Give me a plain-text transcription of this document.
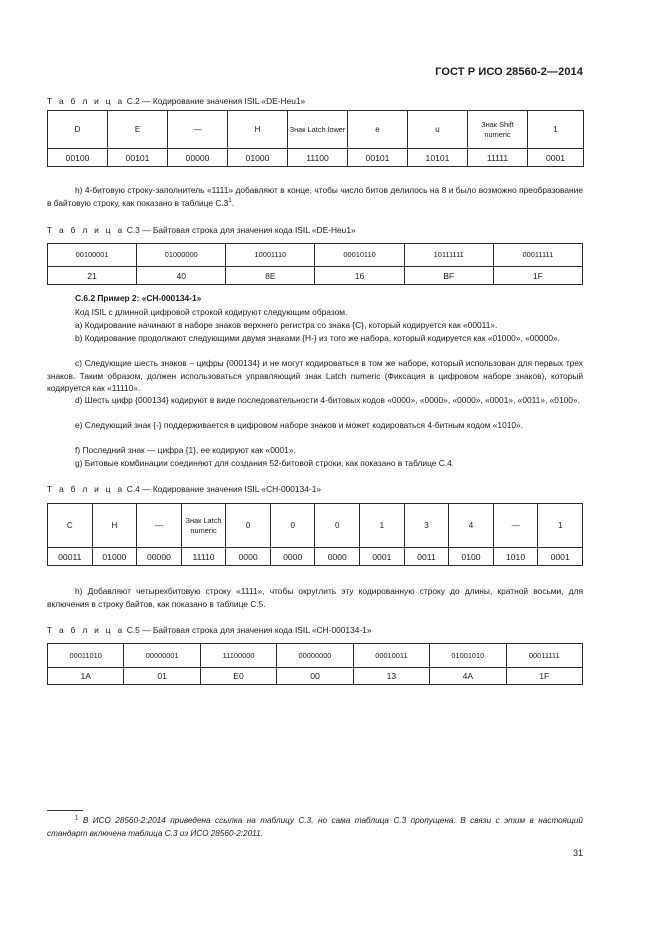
ГОСТ Р ИСО 28560-2—2014
Т а б л и ц а C.2 — Кодирование значения ISIL «DE-Heu1»
D	E	—	H	Знак Latch lower	e	u	Знак Shift numeric	1
00100	00101	00000	01000	11100	00101	10101	11111	0001
h) 4-битовую строку-заполнитель «1111» добавляют в конце, чтобы число битов делилось на 8 и было возможно преобразование в байтовую строку, как показано в таблице $С.3^1$.
Т а б л и ц а C.3 — Байтовая строка для значения кода ISIL «DE-Heu1»
00100001	01000000	10001110	00010110	10111111	00011111
21	40	8E	16	BF	1F
С.6.2 Пример 2: «CH-000134-1»
Код ISIL с длинной цифровой строкой кодируют следующим образом.
а) Кодирование начинают в наборе знаков верхнего регистра со знака {C}, который кодируется как «00011».
b) Кодирование продолжают следующими двумя знаками {H-} из того же набора, который кодируется как «01000», «00000».
с) Следующие шесть знаков – цифры {000134} и не могут кодироваться в том же наборе, который использован для первых трех знаков. Таким образом, должен использоваться управляющий знак Latch numeric (Фиксация в цифровом наборе знаков), который кодируется как «11110».
d) Шесть цифр {000134} кодируют в виде последовательности 4-битовых кодов «0000», «0000», «0000», «0001», «0011», «0100».
е) Следующий знак {-} поддерживается в цифровом наборе знаков и может кодироваться 4-битным кодом «1010».
f) Последний знак — цифра {1}, ее кодируют как «0001».
g) Битовые комбинации соединяют для создания 52-битовой строки, как показано в таблице С.4.
Т а б л и ц а C.4 — Кодирование значения ISIL «CH-000134-1»
C	H	—	Знак Latch numeric	0	0	0	1	3	4	—	1
00011	01000	00000	11110	0000	0000	0000	0001	0011	0100	1010	0001
h) Добавляют четырехбитовую строку «1111», чтобы округлить эту кодированную строку до длины, кратной восьми, для включения в строку байтов, как показано в таблице С.5.
Т а б л и ц а C.5 — Байтовая строка для значения кода ISIL «CH-000134-1»
00011010	00000001	11100000	00000000	00010011	01001010	00011111
1A	01	E0	00	13	4A	1F
$^1$ В ИСО 28560-2:2014 приведена ссылка на таблицу С.3, но сама таблица С.3 пропущена. В связи с этим в настоящий стандарт включена таблица С.3 из ИСО 28560-2:2011.
31
